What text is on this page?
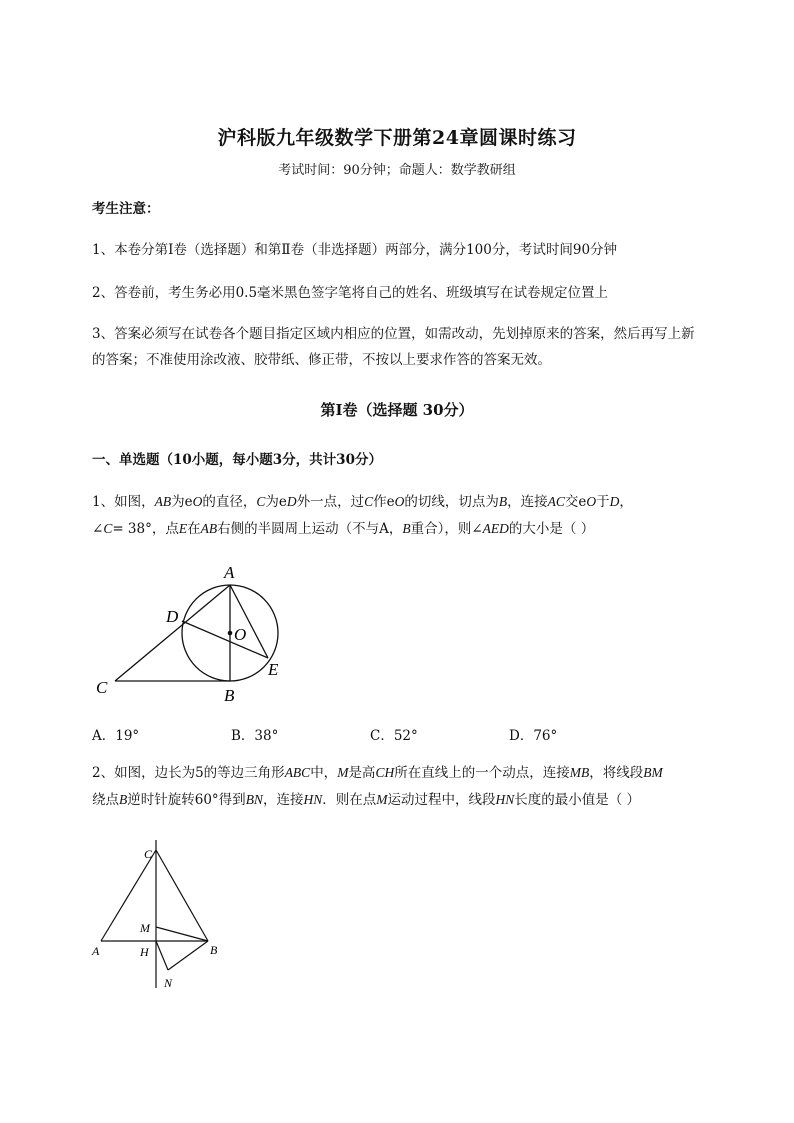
沪科版九年级数学下册第24章圆课时练习
考试时间：90分钟；命题人：数学教研组
考生注意：
1、本卷分第I卷（选择题）和第Ⅱ卷（非选择题）两部分，满分100分，考试时间90分钟
2、答卷前，考生务必用0.5毫米黑色签字笔将自己的姓名、班级填写在试卷规定位置上
3、答案必须写在试卷各个题目指定区域内相应的位置，如需改动，先划掉原来的答案，然后再写上新
的答案；不准使用涂改液、胶带纸、修正带，不按以上要求作答的答案无效。
第I卷（选择题 30分）
一、单选题（10小题，每小题3分，共计30分）
1、如图，AB为eO的直径，C为eD外一点，过C作eO的切线，切点为B，连接AC交eO于D，
∠C= 38°，点E在AB右侧的半圆周上运动（不与A，B重合），则∠AED的大小是（ ）
A
B
C
D
E
O
A．19°	B．38°	C．52°	D．76°
2、如图，边长为5的等边三角形ABC中，M是高CH所在直线上的一个动点，连接MB，将线段BM
绕点B逆时针旋转60°得到BN，连接HN．则在点M运动过程中，线段HN长度的最小值是（ ）
C
A	B
M
H
N
